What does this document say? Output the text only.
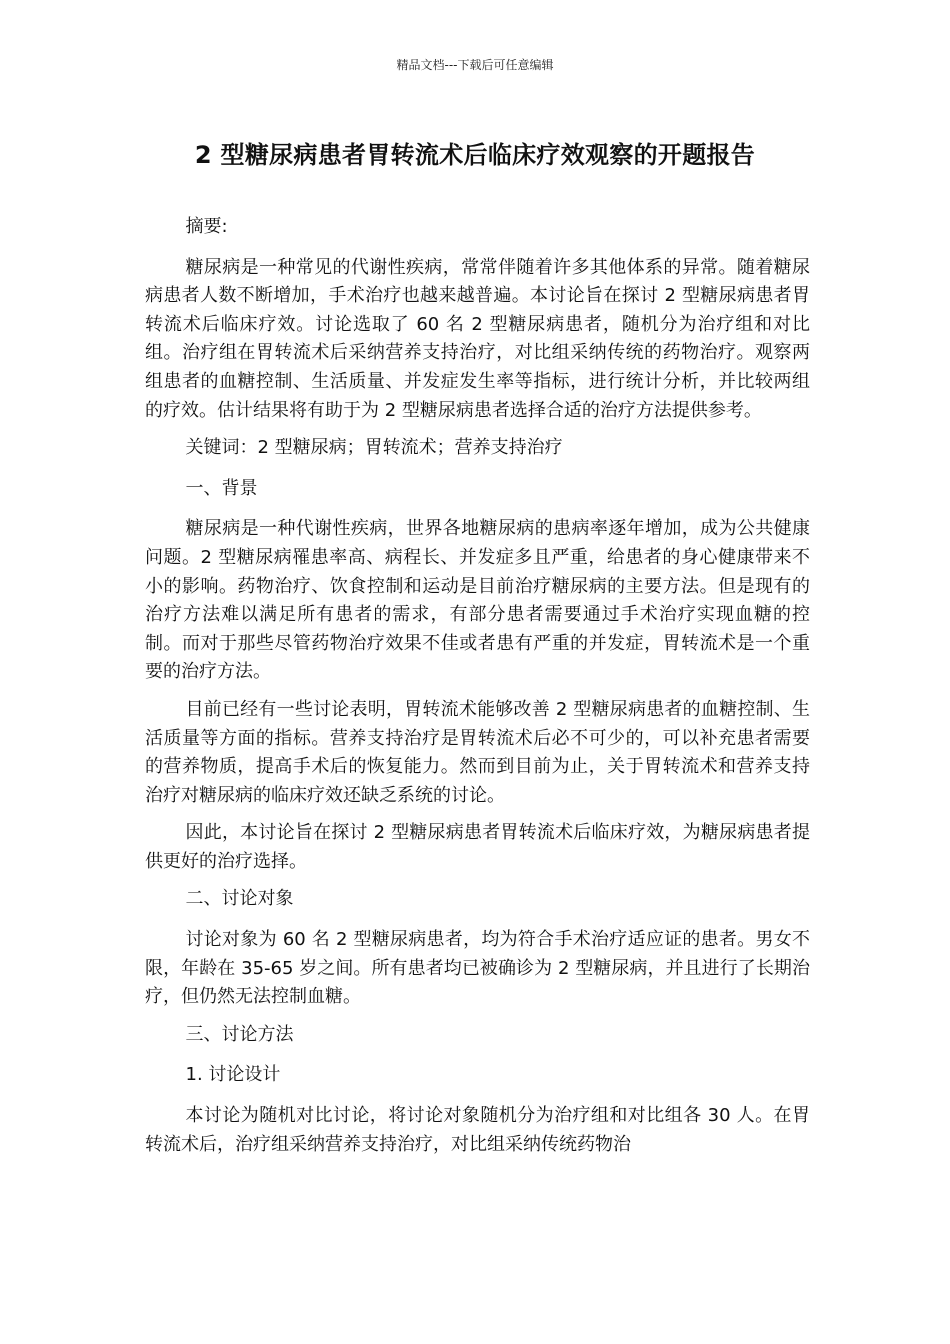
精品文档---下载后可任意编辑
2 型糖尿病患者胃转流术后临床疗效观察的开题报告

摘要:

糖尿病是一种常见的代谢性疾病，常常伴随着许多其他体系的异常。随着糖尿病患者人数不断增加，手术治疗也越来越普遍。本讨论旨在探讨 2 型糖尿病患者胃转流术后临床疗效。讨论选取了 60 名 2 型糖尿病患者，随机分为治疗组和对比组。治疗组在胃转流术后采纳营养支持治疗，对比组采纳传统的药物治疗。观察两组患者的血糖控制、生活质量、并发症发生率等指标，进行统计分析，并比较两组的疗效。估计结果将有助于为 2 型糖尿病患者选择合适的治疗方法提供参考。

关键词：2 型糖尿病；胃转流术；营养支持治疗

一、背景

糖尿病是一种代谢性疾病，世界各地糖尿病的患病率逐年增加，成为公共健康问题。2 型糖尿病罹患率高、病程长、并发症多且严重，给患者的身心健康带来不小的影响。药物治疗、饮食控制和运动是目前治疗糖尿病的主要方法。但是现有的治疗方法难以满足所有患者的需求，有部分患者需要通过手术治疗实现血糖的控制。而对于那些尽管药物治疗效果不佳或者患有严重的并发症，胃转流术是一个重要的治疗方法。

目前已经有一些讨论表明，胃转流术能够改善 2 型糖尿病患者的血糖控制、生活质量等方面的指标。营养支持治疗是胃转流术后必不可少的，可以补充患者需要的营养物质，提高手术后的恢复能力。然而到目前为止，关于胃转流术和营养支持治疗对糖尿病的临床疗效还缺乏系统的讨论。

因此，本讨论旨在探讨 2 型糖尿病患者胃转流术后临床疗效，为糖尿病患者提供更好的治疗选择。

二、讨论对象

讨论对象为 60 名 2 型糖尿病患者，均为符合手术治疗适应证的患者。男女不限，年龄在 35-65 岁之间。所有患者均已被确诊为 2 型糖尿病，并且进行了长期治疗，但仍然无法控制血糖。

三、讨论方法

1. 讨论设计

本讨论为随机对比讨论，将讨论对象随机分为治疗组和对比组各 30 人。在胃转流术后，治疗组采纳营养支持治疗，对比组采纳传统药物治
